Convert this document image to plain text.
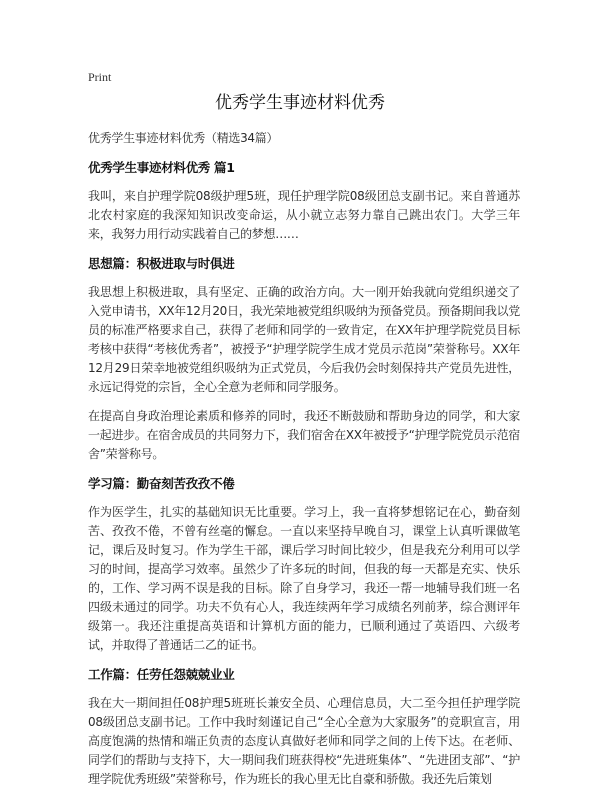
Print
优秀学生事迹材料优秀

优秀学生事迹材料优秀（精选34篇）

优秀学生事迹材料优秀 篇1

我叫，来自护理学院08级护理5班，现任护理学院08级团总支副书记。来自普通苏北农村家庭的我深知知识改变命运，从小就立志努力靠自己跳出农门。大学三年来，我努力用行动实践着自己的梦想……

思想篇：积极进取与时俱进

我思想上积极进取，具有坚定、正确的政治方向。大一刚开始我就向党组织递交了入党申请书，XX年12月20日，我光荣地被党组织吸纳为预备党员。预备期间我以党员的标准严格要求自己，获得了老师和同学的一致肯定，在XX年护理学院党员目标考核中获得“考核优秀者”，被授予“护理学院学生成才党员示范岗”荣誉称号。XX年12月29日荣幸地被党组织吸纳为正式党员，今后我仍会时刻保持共产党员先进性，永远记得党的宗旨，全心全意为老师和同学服务。

在提高自身政治理论素质和修养的同时，我还不断鼓励和帮助身边的同学，和大家一起进步。在宿舍成员的共同努力下，我们宿舍在XX年被授予“护理学院党员示范宿舍”荣誉称号。

学习篇：勤奋刻苦孜孜不倦

作为医学生，扎实的基础知识无比重要。学习上，我一直将梦想铭记在心，勤奋刻苦、孜孜不倦，不曾有丝毫的懈怠。一直以来坚持早晚自习，课堂上认真听课做笔记，课后及时复习。作为学生干部，课后学习时间比较少，但是我充分利用可以学习的时间，提高学习效率。虽然少了许多玩的时间，但我的每一天都是充实、快乐的，工作、学习两不误是我的目标。除了自身学习，我还一帮一地辅导我们班一名四级未通过的同学。功夫不负有心人，我连续两年学习成绩名列前茅，综合测评年级第一。我还注重提高英语和计算机方面的能力，已顺利通过了英语四、六级考试，并取得了普通话二乙的证书。

工作篇：任劳任怨兢兢业业

我在大一期间担任08护理5班班长兼安全员、心理信息员，大二至今担任护理学院08级团总支副书记。工作中我时刻谨记自己“全心全意为大家服务”的竞职宣言，用高度饱满的热情和端正负责的态度认真做好老师和同学之间的上传下达。在老师、同学们的帮助与支持下，大一期间我们班获得校“先进班集体”、“先进团支部”、“护理学院优秀班级”荣誉称号，作为班长的我心里无比自豪和骄傲。我还先后策划
